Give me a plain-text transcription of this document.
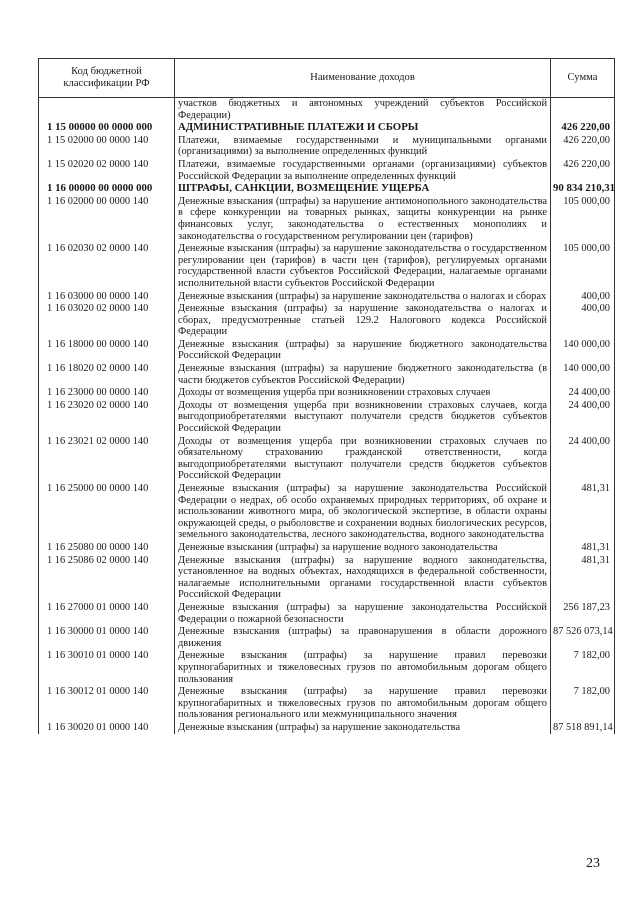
Код бюджетной классификации РФ	Наименование доходов	Сумма
	участков бюджетных и автономных учреждений субъектов Российской Федерации)	
1 15 00000 00 0000 000	АДМИНИСТРАТИВНЫЕ ПЛАТЕЖИ И СБОРЫ	426 220,00
1 15 02000 00 0000 140	Платежи, взимаемые государственными и муниципальными органами (организациями) за выполнение определенных функций	426 220,00
1 15 02020 02 0000 140	Платежи, взимаемые государственными органами (организациями) субъектов Российской Федерации за выполнение определенных функций	426 220,00
1 16 00000 00 0000 000	ШТРАФЫ, САНКЦИИ, ВОЗМЕЩЕНИЕ УЩЕРБА	90 834 210,31
1 16 02000 00 0000 140	Денежные взыскания (штрафы) за нарушение антимонопольного законодательства в сфере конкуренции на товарных рынках, защиты конкуренции на рынке финансовых услуг, законодательства о естественных монополиях и законодательства о государственном регулировании цен (тарифов)	105 000,00
1 16 02030 02 0000 140	Денежные взыскания (штрафы) за нарушение законодательства о государственном регулировании цен (тарифов) в части цен (тарифов), регулируемых органами государственной власти субъектов Российской Федерации, налагаемые органами исполнительной власти субъектов Российской Федерации	105 000,00
1 16 03000 00 0000 140	Денежные взыскания (штрафы) за нарушение законодательства о налогах и сборах	400,00
1 16 03020 02 0000 140	Денежные взыскания (штрафы) за нарушение законодательства о налогах и сборах, предусмотренные статьей 129.2 Налогового кодекса Российской Федерации	400,00
1 16 18000 00 0000 140	Денежные взыскания (штрафы) за нарушение бюджетного законодательства Российской Федерации	140 000,00
1 16 18020 02 0000 140	Денежные взыскания (штрафы) за нарушение бюджетного законодательства (в части бюджетов субъектов Российской Федерации)	140 000,00
1 16 23000 00 0000 140	Доходы от возмещения ущерба при возникновении страховых случаев	24 400,00
1 16 23020 02 0000 140	Доходы от возмещения ущерба при возникновении страховых случаев, когда выгодоприобретателями выступают получатели средств бюджетов субъектов Российской Федерации	24 400,00
1 16 23021 02 0000 140	Доходы от возмещения ущерба при возникновении страховых случаев по обязательному страхованию гражданской ответственности, когда выгодоприобретателями выступают получатели средств бюджетов субъектов Российской Федерации	24 400,00
1 16 25000 00 0000 140	Денежные взыскания (штрафы) за нарушение законодательства Российской Федерации о недрах, об особо охраняемых природных территориях, об охране и использовании животного мира, об экологической экспертизе, в области охраны окружающей среды, о рыболовстве и сохранении водных биологических ресурсов, земельного законодательства, лесного законодательства, водного законодательства	481,31
1 16 25080 00 0000 140	Денежные взыскания (штрафы) за нарушение водного законодательства	481,31
1 16 25086 02 0000 140	Денежные взыскания (штрафы) за нарушение водного законодательства, установленное на водных объектах, находящихся в федеральной собственности, налагаемые исполнительными органами государственной власти субъектов Российской Федерации	481,31
1 16 27000 01 0000 140	Денежные взыскания (штрафы) за нарушение законодательства Российской Федерации о пожарной безопасности	256 187,23
1 16 30000 01 0000 140	Денежные взыскания (штрафы) за правонарушения в области дорожного движения	87 526 073,14
1 16 30010 01 0000 140	Денежные взыскания (штрафы) за нарушение правил перевозки крупногабаритных и тяжеловесных грузов по автомобильным дорогам общего пользования	7 182,00
1 16 30012 01 0000 140	Денежные взыскания (штрафы) за нарушение правил перевозки крупногабаритных и тяжеловесных грузов по автомобильным дорогам общего пользования регионального или межмуниципального значения	7 182,00
1 16 30020 01 0000 140	Денежные взыскания (штрафы) за нарушение законодательства	87 518 891,14
23
